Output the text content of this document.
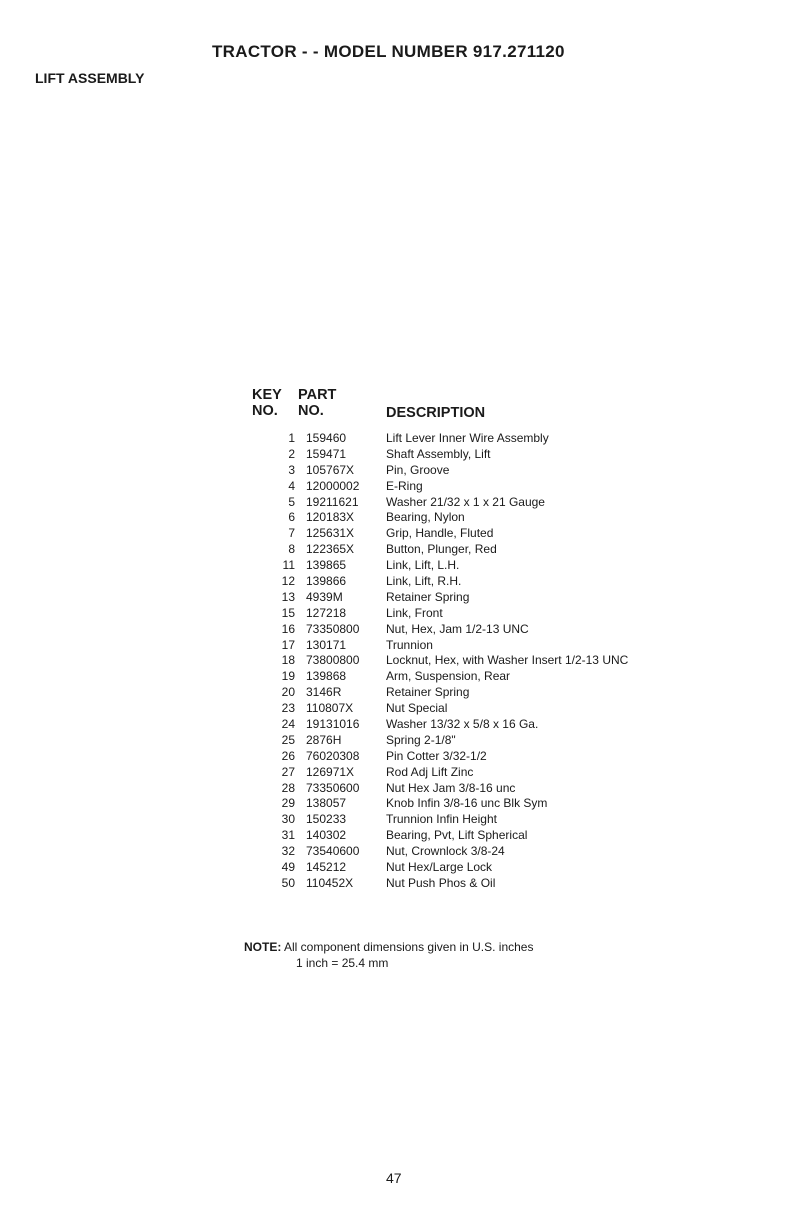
TRACTOR - - MODEL NUMBER 917.271120
LIFT ASSEMBLY
KEY
NO.
PART
NO.	DESCRIPTION
1 159460	Lift Lever Inner Wire Assembly
2 159471	Shaft Assembly, Lift
3 105767X	Pin, Groove
4 12000002 E-Ring
5 19211621 Washer 21/32 x 1 x 21 Gauge
6 120183X	Bearing, Nylon
7 125631X	Grip, Handle, Fluted
8 122365X	Button, Plunger, Red
11 139865	Link, Lift, L.H.
12 139866	Link, Lift, R.H.
13 4939M	Retainer Spring
15 127218	Link, Front
16 73350800 Nut, Hex, Jam 1/2-13 UNC
17 130171	Trunnion
18 73800800 Locknut, Hex, with Washer Insert 1/2-13 UNC
19 139868	Arm, Suspension, Rear
20 3146R	Retainer Spring
23 110807X	Nut Special
24 19131016 Washer 13/32 x 5/8 x 16 Ga.
25 2876H	Spring 2-1/8"
26 76020308 Pin Cotter 3/32-1/2
27 126971X	Rod Adj Lift Zinc
28 73350600 Nut Hex Jam 3/8-16 unc
29 138057	Knob Infin 3/8-16 unc Blk Sym
30 150233	Trunnion Infin Height
31 140302	Bearing, Pvt, Lift Spherical
32 73540600 Nut, Crownlock 3/8-24
49 145212	Nut Hex/Large Lock
50 110452X	Nut Push Phos & Oil
NOTE: All component dimensions given in U.S. inches
1 inch = 25.4 mm
47
